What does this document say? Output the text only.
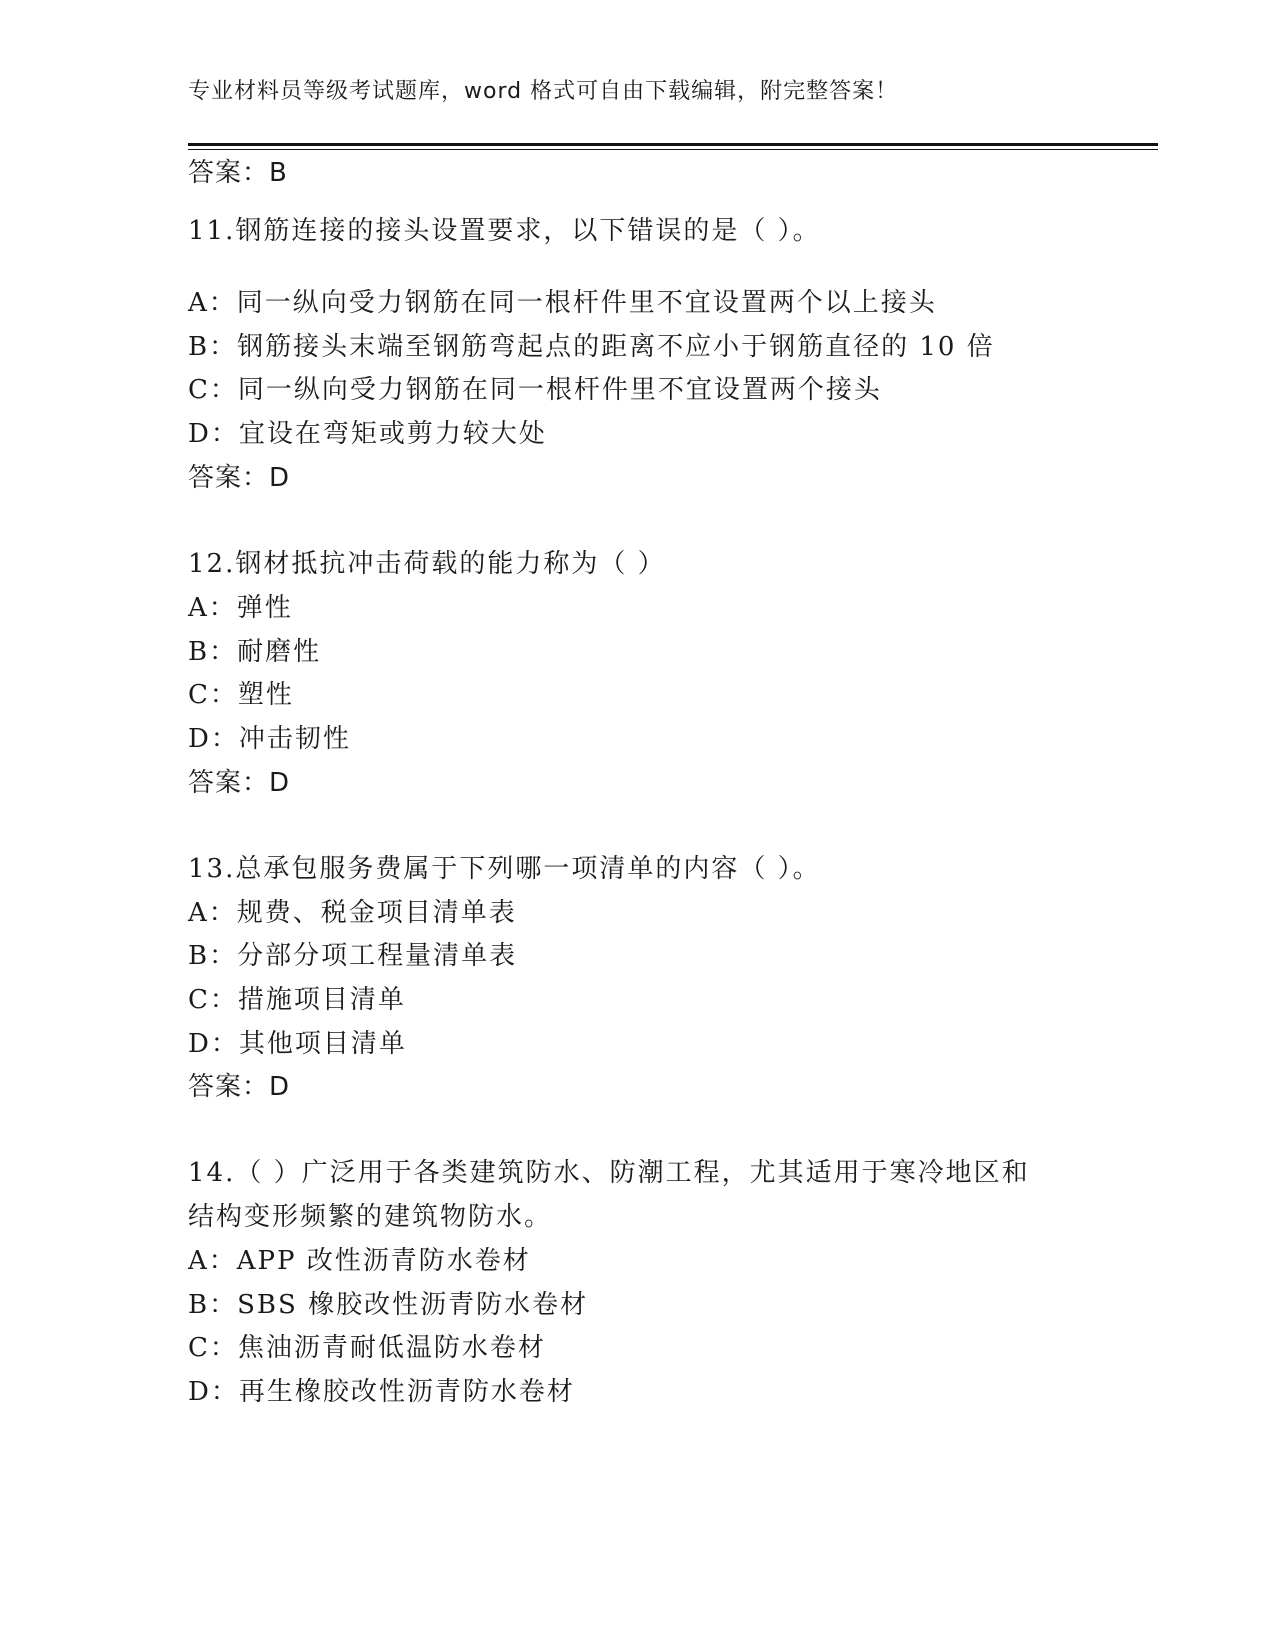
专业材料员等级考试题库，word 格式可自由下载编辑，附完整答案！
答案：B
11.钢筋连接的接头设置要求，以下错误的是（ ）。
A：同一纵向受力钢筋在同一根杆件里不宜设置两个以上接头
B：钢筋接头末端至钢筋弯起点的距离不应小于钢筋直径的 10 倍
C：同一纵向受力钢筋在同一根杆件里不宜设置两个接头
D：宜设在弯矩或剪力较大处
答案：D
12.钢材抵抗冲击荷载的能力称为（ ）
A：弹性
B：耐磨性
C：塑性
D：冲击韧性
答案：D
13.总承包服务费属于下列哪一项清单的内容（ ）。
A：规费、税金项目清单表
B：分部分项工程量清单表
C：措施项目清单
D：其他项目清单
答案：D
14.（ ）广泛用于各类建筑防水、防潮工程，尤其适用于寒冷地区和
结构变形频繁的建筑物防水。
A：APP 改性沥青防水卷材
B：SBS 橡胶改性沥青防水卷材
C：焦油沥青耐低温防水卷材
D：再生橡胶改性沥青防水卷材
